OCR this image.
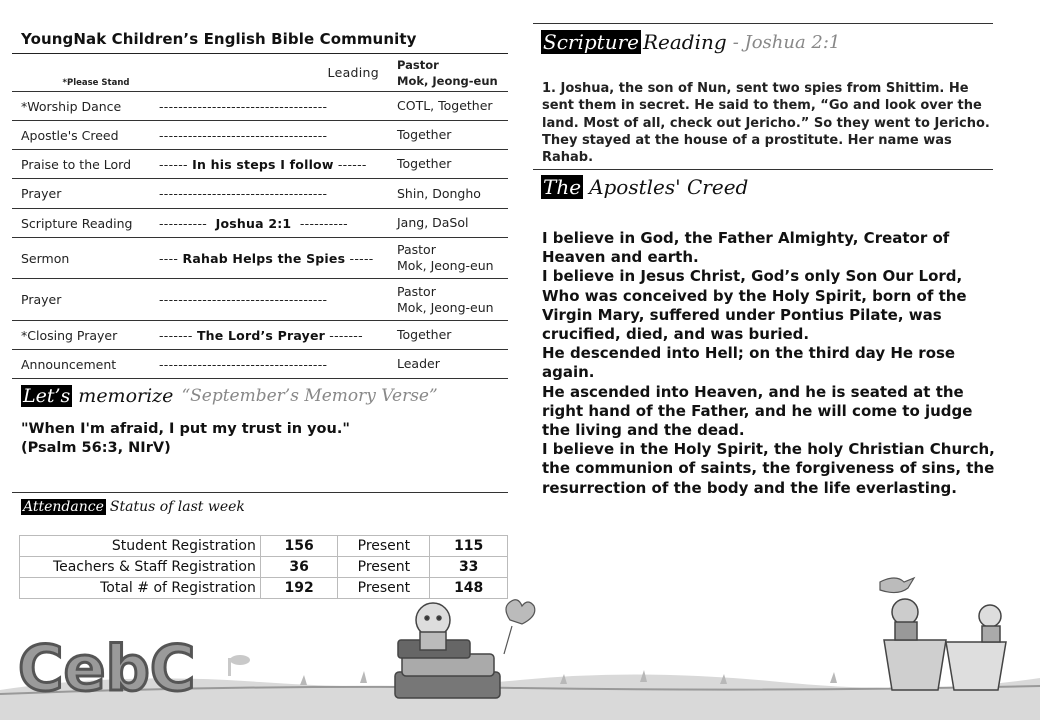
YoungNak Children’s English Bible Community
*Please Stand	Leading	Pastor
Mok, Jeong-eun

*Worship Dance	-----------------------------------	COTL, Together
Apostle's Creed	-----------------------------------	Together
Praise to the Lord	------ In his steps I follow ------	Together
Prayer	-----------------------------------	Shin, Dongho
Scripture Reading	----------  Joshua 2:1  ----------	Jang, DaSol
Sermon	---- Rahab Helps the Spies -----	Pastor
Mok, Jeong-eun

Prayer	-----------------------------------	Pastor
Mok, Jeong-eun

*Closing Prayer	------- The Lord’s Prayer -------	Together
Announcement	-----------------------------------	Leader
Let’s memorize “September’s Memory Verse”
"When I'm afraid, I put my trust in you."
(Psalm 56:3, NIrV)
Attendance Status of last week
Student Registration	156	Present	115
Teachers & Staff Registration	36	Present	33
Total # of Registration	192	Present	148
Scripture Reading - Joshua 2:1
1. Joshua, the son of Nun, sent two spies from Shittim. He sent them in secret. He said to them, “Go and look over the land. Most of all, check out Jericho.” So they went to Jericho. They stayed at the house of a prostitute. Her name was Rahab.
The Apostles' Creed
I believe in God, the Father Almighty, Creator of Heaven and earth.
I believe in Jesus Christ, God’s only Son Our Lord,
Who was conceived by the Holy Spirit, born of the Virgin Mary, suffered under Pontius Pilate, was crucified, died, and was buried.
He descended into Hell; on the third day He rose again.
He ascended into Heaven, and he is seated at the right hand of the Father, and he will come to judge the living and the dead.
I believe in the Holy Spirit, the holy Christian Church, the communion of saints, the forgiveness of sins, the resurrection of the body and the life everlasting.
CebC
